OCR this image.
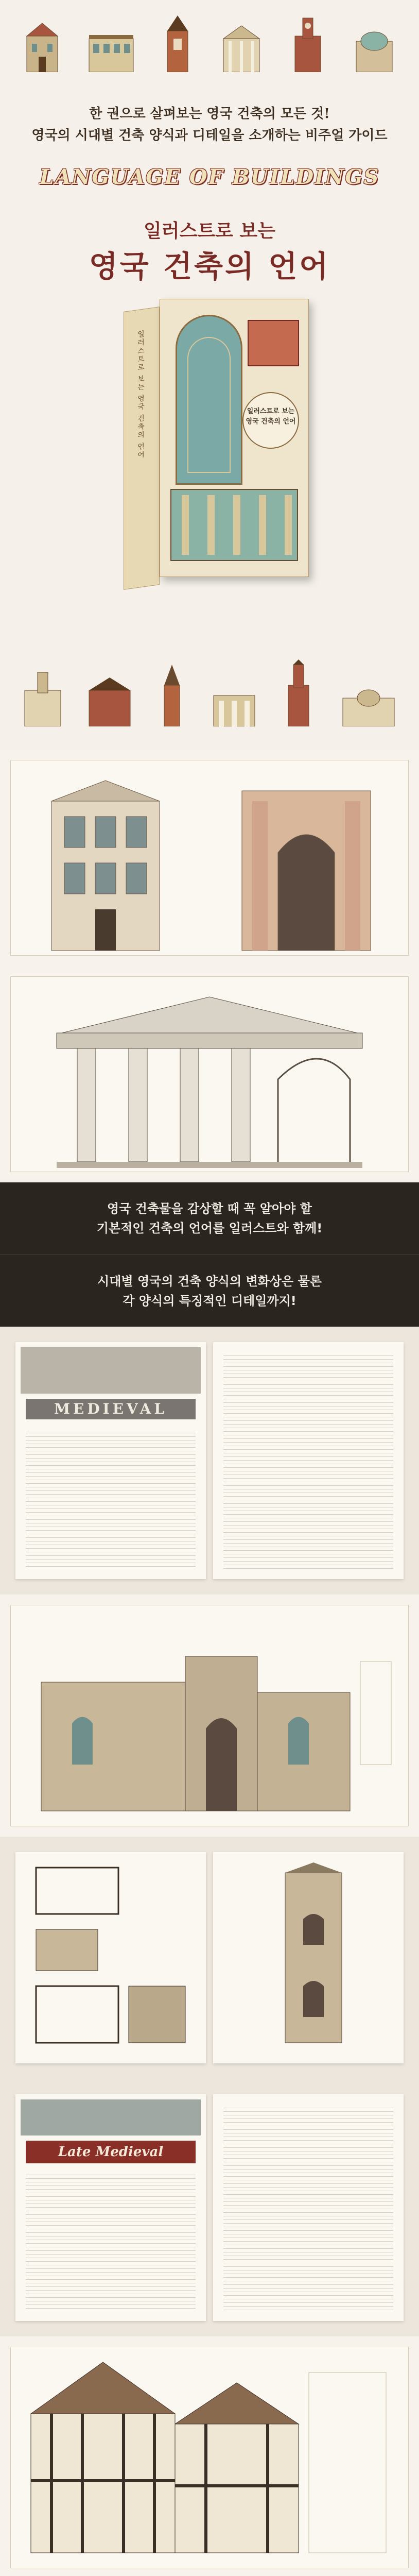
한 권으로 살펴보는 영국 건축의 모든 것!
영국의 시대별 건축 양식과 디테일을 소개하는 비주얼 가이드
LANGUAGE OF BUILDINGS
일러스트로 보는
영국 건축의 언어
일러스트로 보는 영국 건축의 언어	일러스트로 보는 영국 건축의 언어
영국 건축물을 감상할 때 꼭 알아야 할
기본적인 건축의 언어를 일러스트와 함께!
시대별 영국의 건축 양식의 변화상은 물론
각 양식의 특징적인 디테일까지!
MEDIEVAL
Late Medieval
